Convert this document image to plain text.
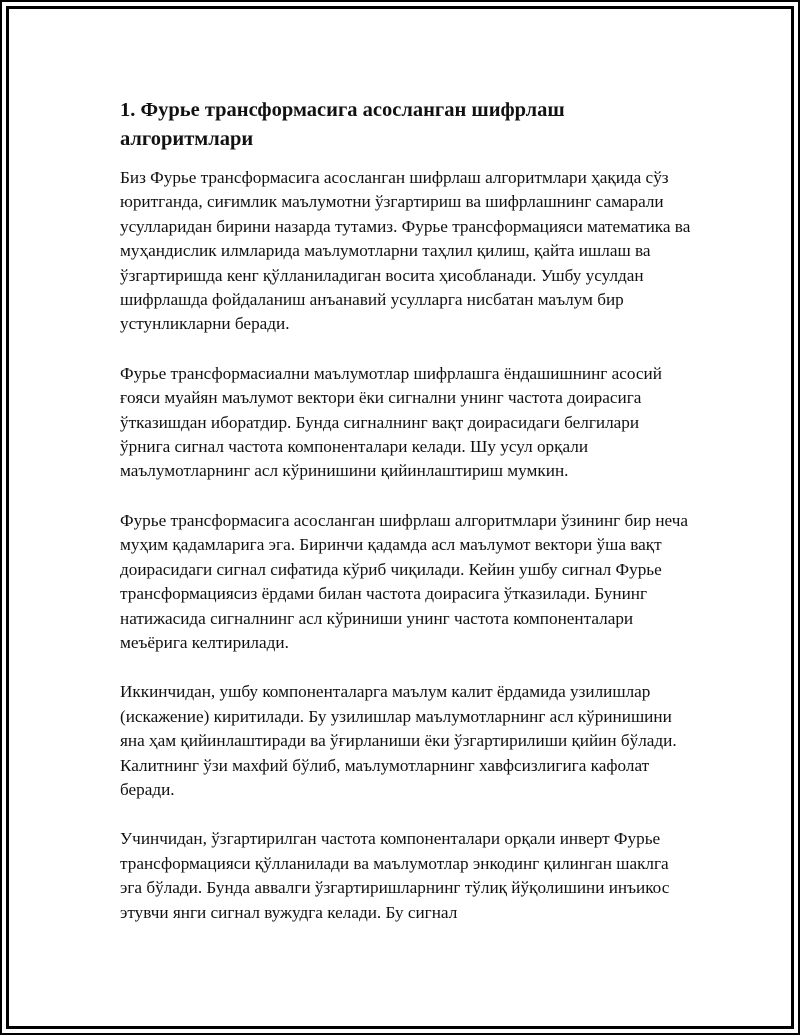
1. Фурье трансформасига асосланган шифрлаш алгоритмлари

Биз Фурье трансформасига асосланган шифрлаш алгоритмлари ҳақида сўз юритганда, сиғимлик маълумотни ўзгартириш ва шифрлашнинг самарали усулларидан бирини назарда тутамиз. Фурье трансформацияси математика ва муҳандислик илмларида маълумотларни таҳлил қилиш, қайта ишлаш ва ўзгартиришда кенг қўлланиладиган восита ҳисобланади. Ушбу усулдан шифрлашда фойдаланиш анъанавий усулларга нисбатан маълум бир устунликларни беради.

Фурье трансформасиални маълумотлар шифрлашга ёндашишнинг асосий ғояси муайян маълумот вектори ёки сигнални унинг частота доирасига ўтказишдан иборатдир. Бунда сигналнинг вақт доирасидаги белгилари ўрнига сигнал частота компоненталари келади. Шу усул орқали маълумотларнинг асл кўринишини қийинлаштириш мумкин.

Фурье трансформасига асосланган шифрлаш алгоритмлари ўзининг бир неча муҳим қадамларига эга. Биринчи қадамда асл маълумот вектори ўша вақт доирасидаги сигнал сифатида кўриб чиқилади. Кейин ушбу сигнал Фурье трансформациясиз ёрдами билан частота доирасига ўтказилади. Бунинг натижасида сигналнинг асл кўриниши унинг частота компоненталари меъёрига келтирилади.

Иккинчидан, ушбу компоненталарга маълум калит ёрдамида узилишлар (искажение) киритилади. Бу узилишлар маълумотларнинг асл кўринишини яна ҳам қийинлаштиради ва ўғирланиши ёки ўзгартирилиши қийин бўлади. Калитнинг ўзи махфий бўлиб, маълумотларнинг хавфсизлигига кафолат беради.

Учинчидан, ўзгартирилган частота компоненталари орқали инверт Фурье трансформацияси қўлланилади ва маълумотлар энкодинг қилинган шаклга эга бўлади. Бунда аввалги ўзгартиришларнинг тўлиқ йўқолишини инъикос этувчи янги сигнал вужудга келади. Бу сигнал
